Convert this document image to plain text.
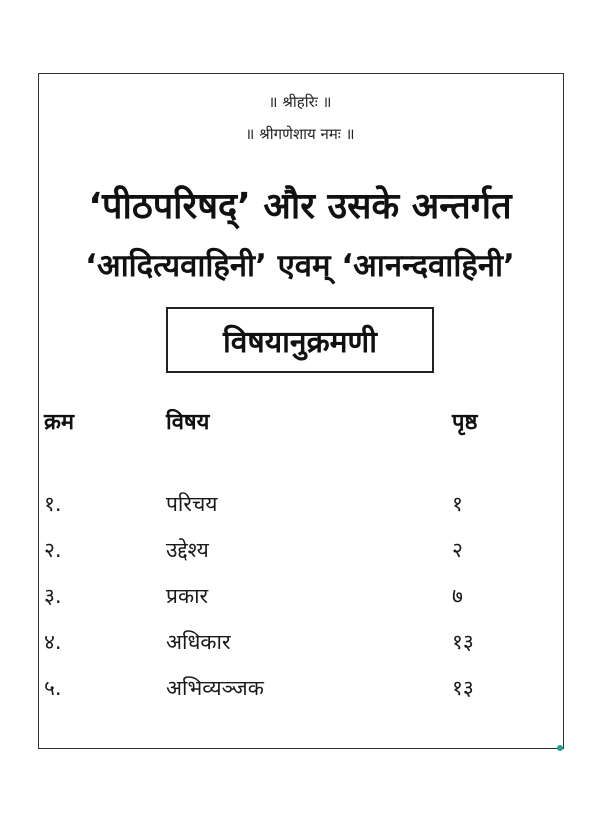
॥ श्रीहरिः ॥
॥ श्रीगणेशाय नमः ॥
‘पीठपरिषद्’ और उसके अन्तर्गत
‘आदित्यवाहिनी’ एवम् ‘आनन्दवाहिनी’
विषयानुक्रमणी
क्रम	विषय	पृष्ठ
१.	परिचय	१
२.	उद्देश्य	२
३.	प्रकार	७
४.	अधिकार	१३
५.	अभिव्यञ्जक	१३
